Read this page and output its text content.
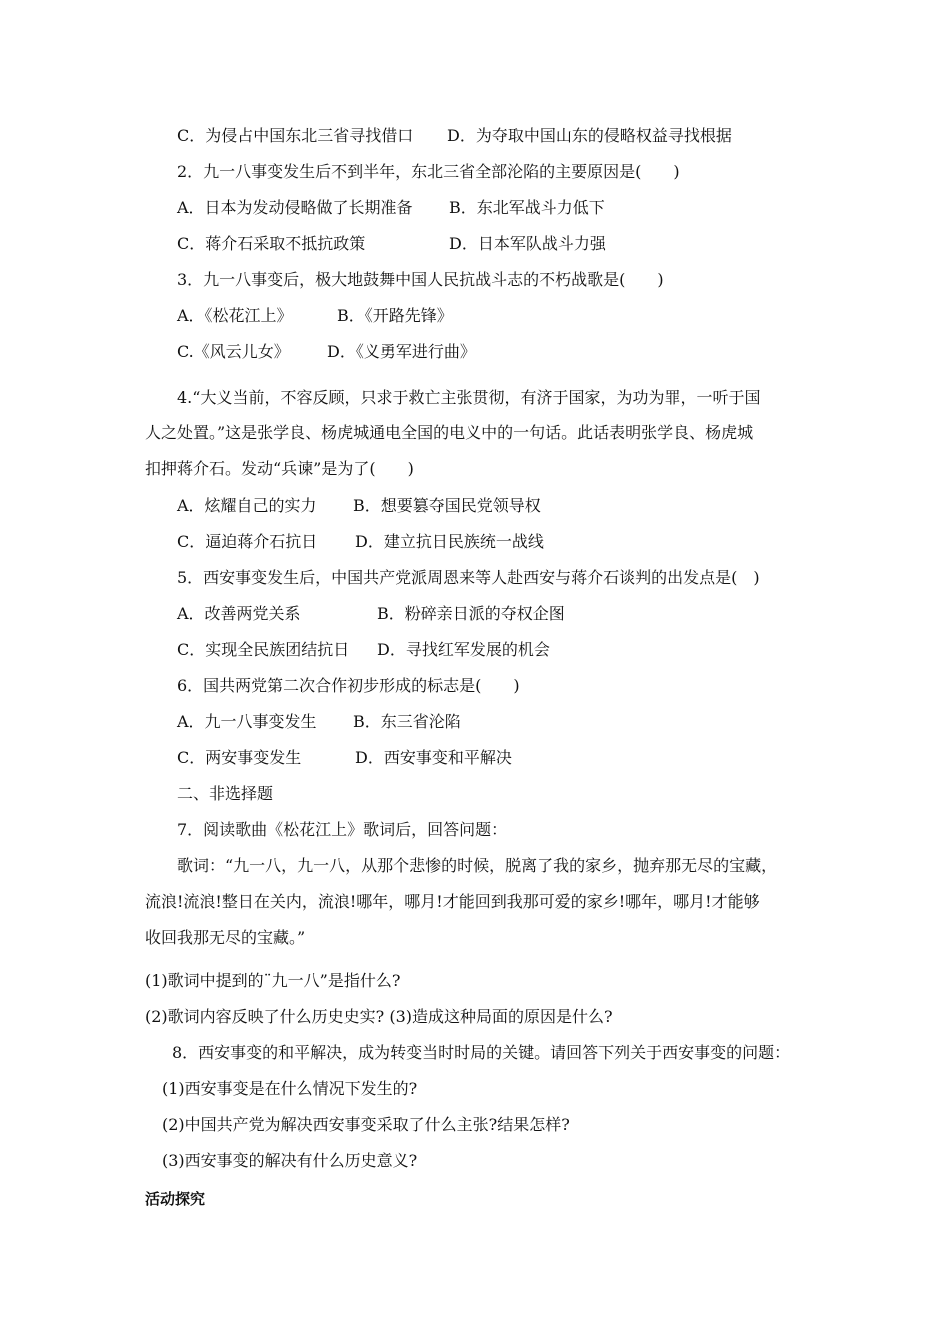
C．为侵占中国东北三省寻找借口 D．为夺取中国山东的侵略权益寻找根据
2．九一八事变发生后不到半年，东北三省全部沦陷的主要原因是(　　)
A．日本为发动侵略做了长期准备 B．东北军战斗力低下
C．蒋介石采取不抵抗政策	D．日本军队战斗力强
3．九一八事变后，极大地鼓舞中国人民抗战斗志的不朽战歌是(　　)
A．《松花江上》	B．《开路先锋》
C.《风云儿女》 D．《义勇军进行曲》
4.“大义当前，不容反顾，只求于救亡主张贯彻，有济于国家，为功为罪，一听于国
人之处置。”这是张学良、杨虎城通电全国的电义中的一句话。此话表明张学良、杨虎城
扣押蒋介石。发动“兵谏”是为了(　　)
A．炫耀自己的实力 B．想要篡夺国民党领导权
C．逼迫蒋介石抗日 D．建立抗日民族统一战线
5．西安事变发生后，中国共产党派周恩来等人赴西安与蒋介石谈判的出发点是(　)
A．改善两党关系	B．粉碎亲日派的夺权企图
C．实现全民族团结抗日 D．寻找红军发展的机会
6．国共两党第二次合作初步形成的标志是(　　)
A．九一八事变发生 B．东三省沦陷
C．两安事变发生	D．西安事变和平解决
二、非选择题
7．阅读歌曲《松花江上》歌词后，回答问题：
歌词：“九一八，九一八，从那个悲惨的时候，脱离了我的家乡，抛弃那无尽的宝藏，
流浪!流浪!整日在关内，流浪!哪年，哪月!才能回到我那可爱的家乡!哪年，哪月!才能够
收回我那无尽的宝藏。”
(1)歌词中提到的¨九一八”是指什么?
(2)歌词内容反映了什么历史史实? (3)造成这种局面的原因是什么?
8．西安事变的和平解决，成为转变当时时局的关键。请回答下列关于西安事变的问题：
(1)西安事变是在什么情况下发生的?
(2)中国共产党为解决西安事变采取了什么主张?结果怎样?
(3)西安事变的解决有什么历史意义?
活动探究
